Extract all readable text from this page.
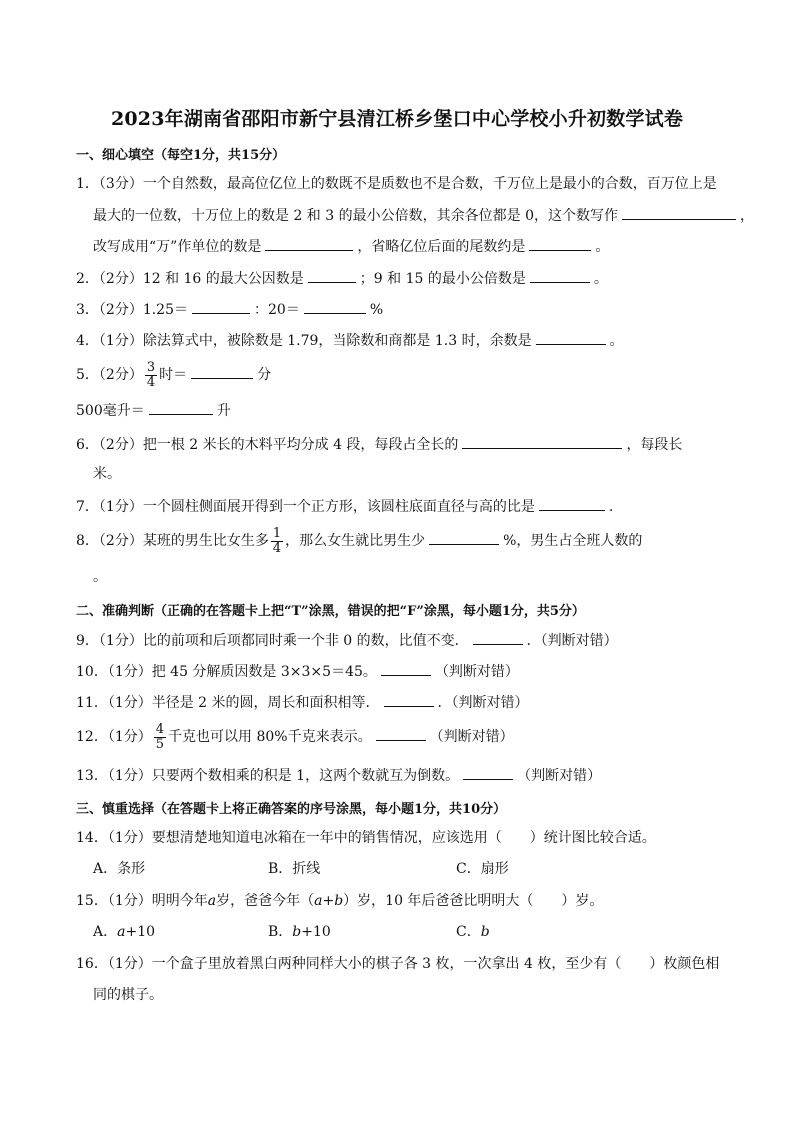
2023年湖南省邵阳市新宁县清江桥乡堡口中心学校小升初数学试卷
一、细心填空（每空1分，共15分）
1．（3分）一个自然数，最高位亿位上的数既不是质数也不是合数，千万位上是最小的合数，百万位上是
最大的一位数，十万位上的数是 2 和 3 的最小公倍数，其余各位都是 0，这个数写作	，
改写成用“万”作单位的数是	，省略亿位后面的尾数约是	。
2．（2分）12 和 16 的最大公因数是	；9 和 15 的最小公倍数是	。
3．（2分）1.25＝	：20＝	%
4．（1分）除法算式中，被除数是 1.79，当除数和商都是 1.3 时，余数是	。
5．（2分） $\frac{3}{4}$ 时＝	分
500毫升＝	升
6．（2分）把一根 2 米长的木料平均分成 4 段，每段占全长的	，每段长
米。
7．（1分）一个圆柱侧面展开得到一个正方形，该圆柱底面直径与高的比是	.
8．（2分）某班的男生比女生多 $\frac{1}{4}$ ，那么女生就比男生少	%，男生占全班人数的
。
二、准确判断（正确的在答题卡上把“T”涂黑，错误的把“F”涂黑，每小题1分，共5分）
9．（1分）比的前项和后项都同时乘一个非 0 的数，比值不变．	．（判断对错）
10．（1分）把 45 分解质因数是 3×3×5＝45。	（判断对错）
11．（1分）半径是 2 米的圆，周长和面积相等．	．（判断对错）
12．（1分） $\frac{4}{5}$ 千克也可以用 80%千克来表示。	（判断对错）
13．（1分）只要两个数相乘的积是 1，这两个数就互为倒数。	（判断对错）
三、慎重选择（在答题卡上将正确答案的序号涂黑，每小题1分，共10分）
14．（1分）要想清楚地知道电冰箱在一年中的销售情况，应该选用（　　）统计图比较合适。
A．条形	B．折线	C．扇形
15．（1分）明明今年a岁，爸爸今年（a+b）岁，10 年后爸爸比明明大（　　）岁。
A．a+10	B．b+10	C．b
16．（1分）一个盒子里放着黑白两种同样大小的棋子各 3 枚，一次拿出 4 枚，至少有（　　）枚颜色相
同的棋子。
